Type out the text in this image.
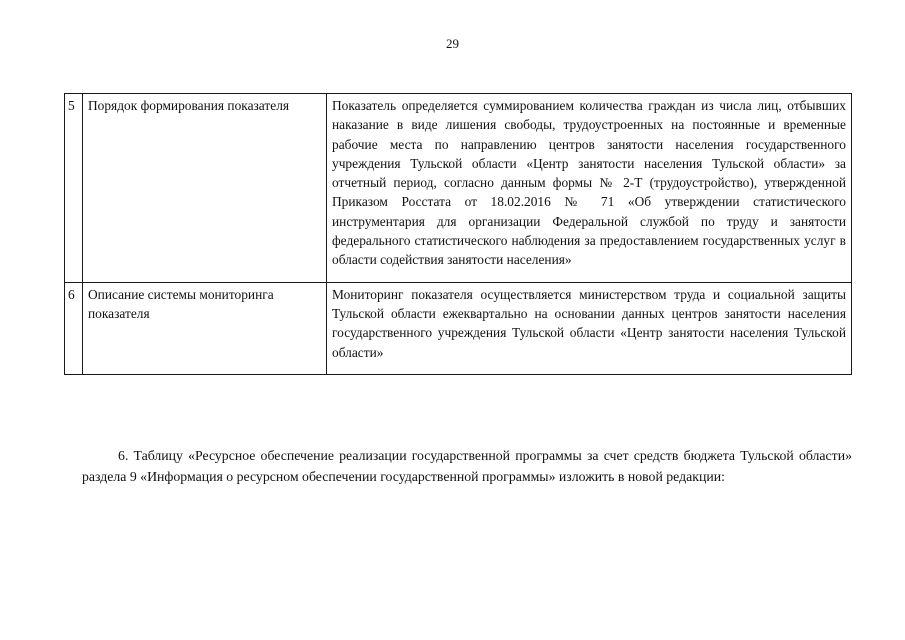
29
5	Порядок формирования показателя	Показатель определяется суммированием количества граждан из числа лиц, отбывших наказание в виде лишения свободы, трудоустроенных на постоянные и временные рабочие места по направлению центров занятости населения государственного учреждения Тульской области «Центр занятости населения Тульской области» за отчетный период, согласно данным формы № 2-Т (трудоустройство), утвержденной Приказом Росстата от 18.02.2016 № 71 «Об утверждении статистического инструментария для организации Федеральной службой по труду и занятости федерального статистического наблюдения за предоставлением государственных услуг в области содействия занятости населения»
6	Описание системы мониторинга показателя	Мониторинг показателя осуществляется министерством труда и социальной защиты Тульской области ежеквартально на основании данных центров занятости населения государственного учреждения Тульской области «Центр занятости населения Тульской области»

6. Таблицу «Ресурсное обеспечение реализации государственной программы за счет средств бюджета Тульской области» раздела 9 «Информация о ресурсном обеспечении государственной программы» изложить в новой редакции:
